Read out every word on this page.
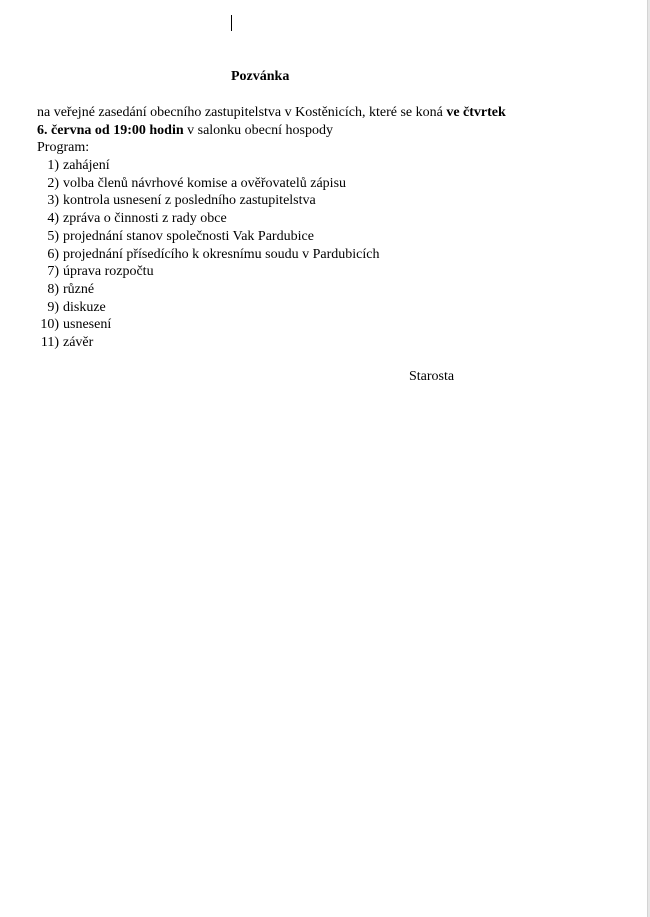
Pozvánka
na veřejné zasedání obecního zastupitelstva v Kostěnicích, které se koná ve čtvrtek
6. června od 19:00 hodin v salonku obecní hospody
Program:
1) zahájení
2) volba členů návrhové komise a ověřovatelů zápisu
3) kontrola usnesení z posledního zastupitelstva
4) zpráva o činnosti z rady obce
5) projednání stanov společnosti Vak Pardubice
6) projednání přísedícího k okresnímu soudu v Pardubicích
7) úprava rozpočtu
8) různé
9) diskuze
10) usnesení
11) závěr
Starosta
